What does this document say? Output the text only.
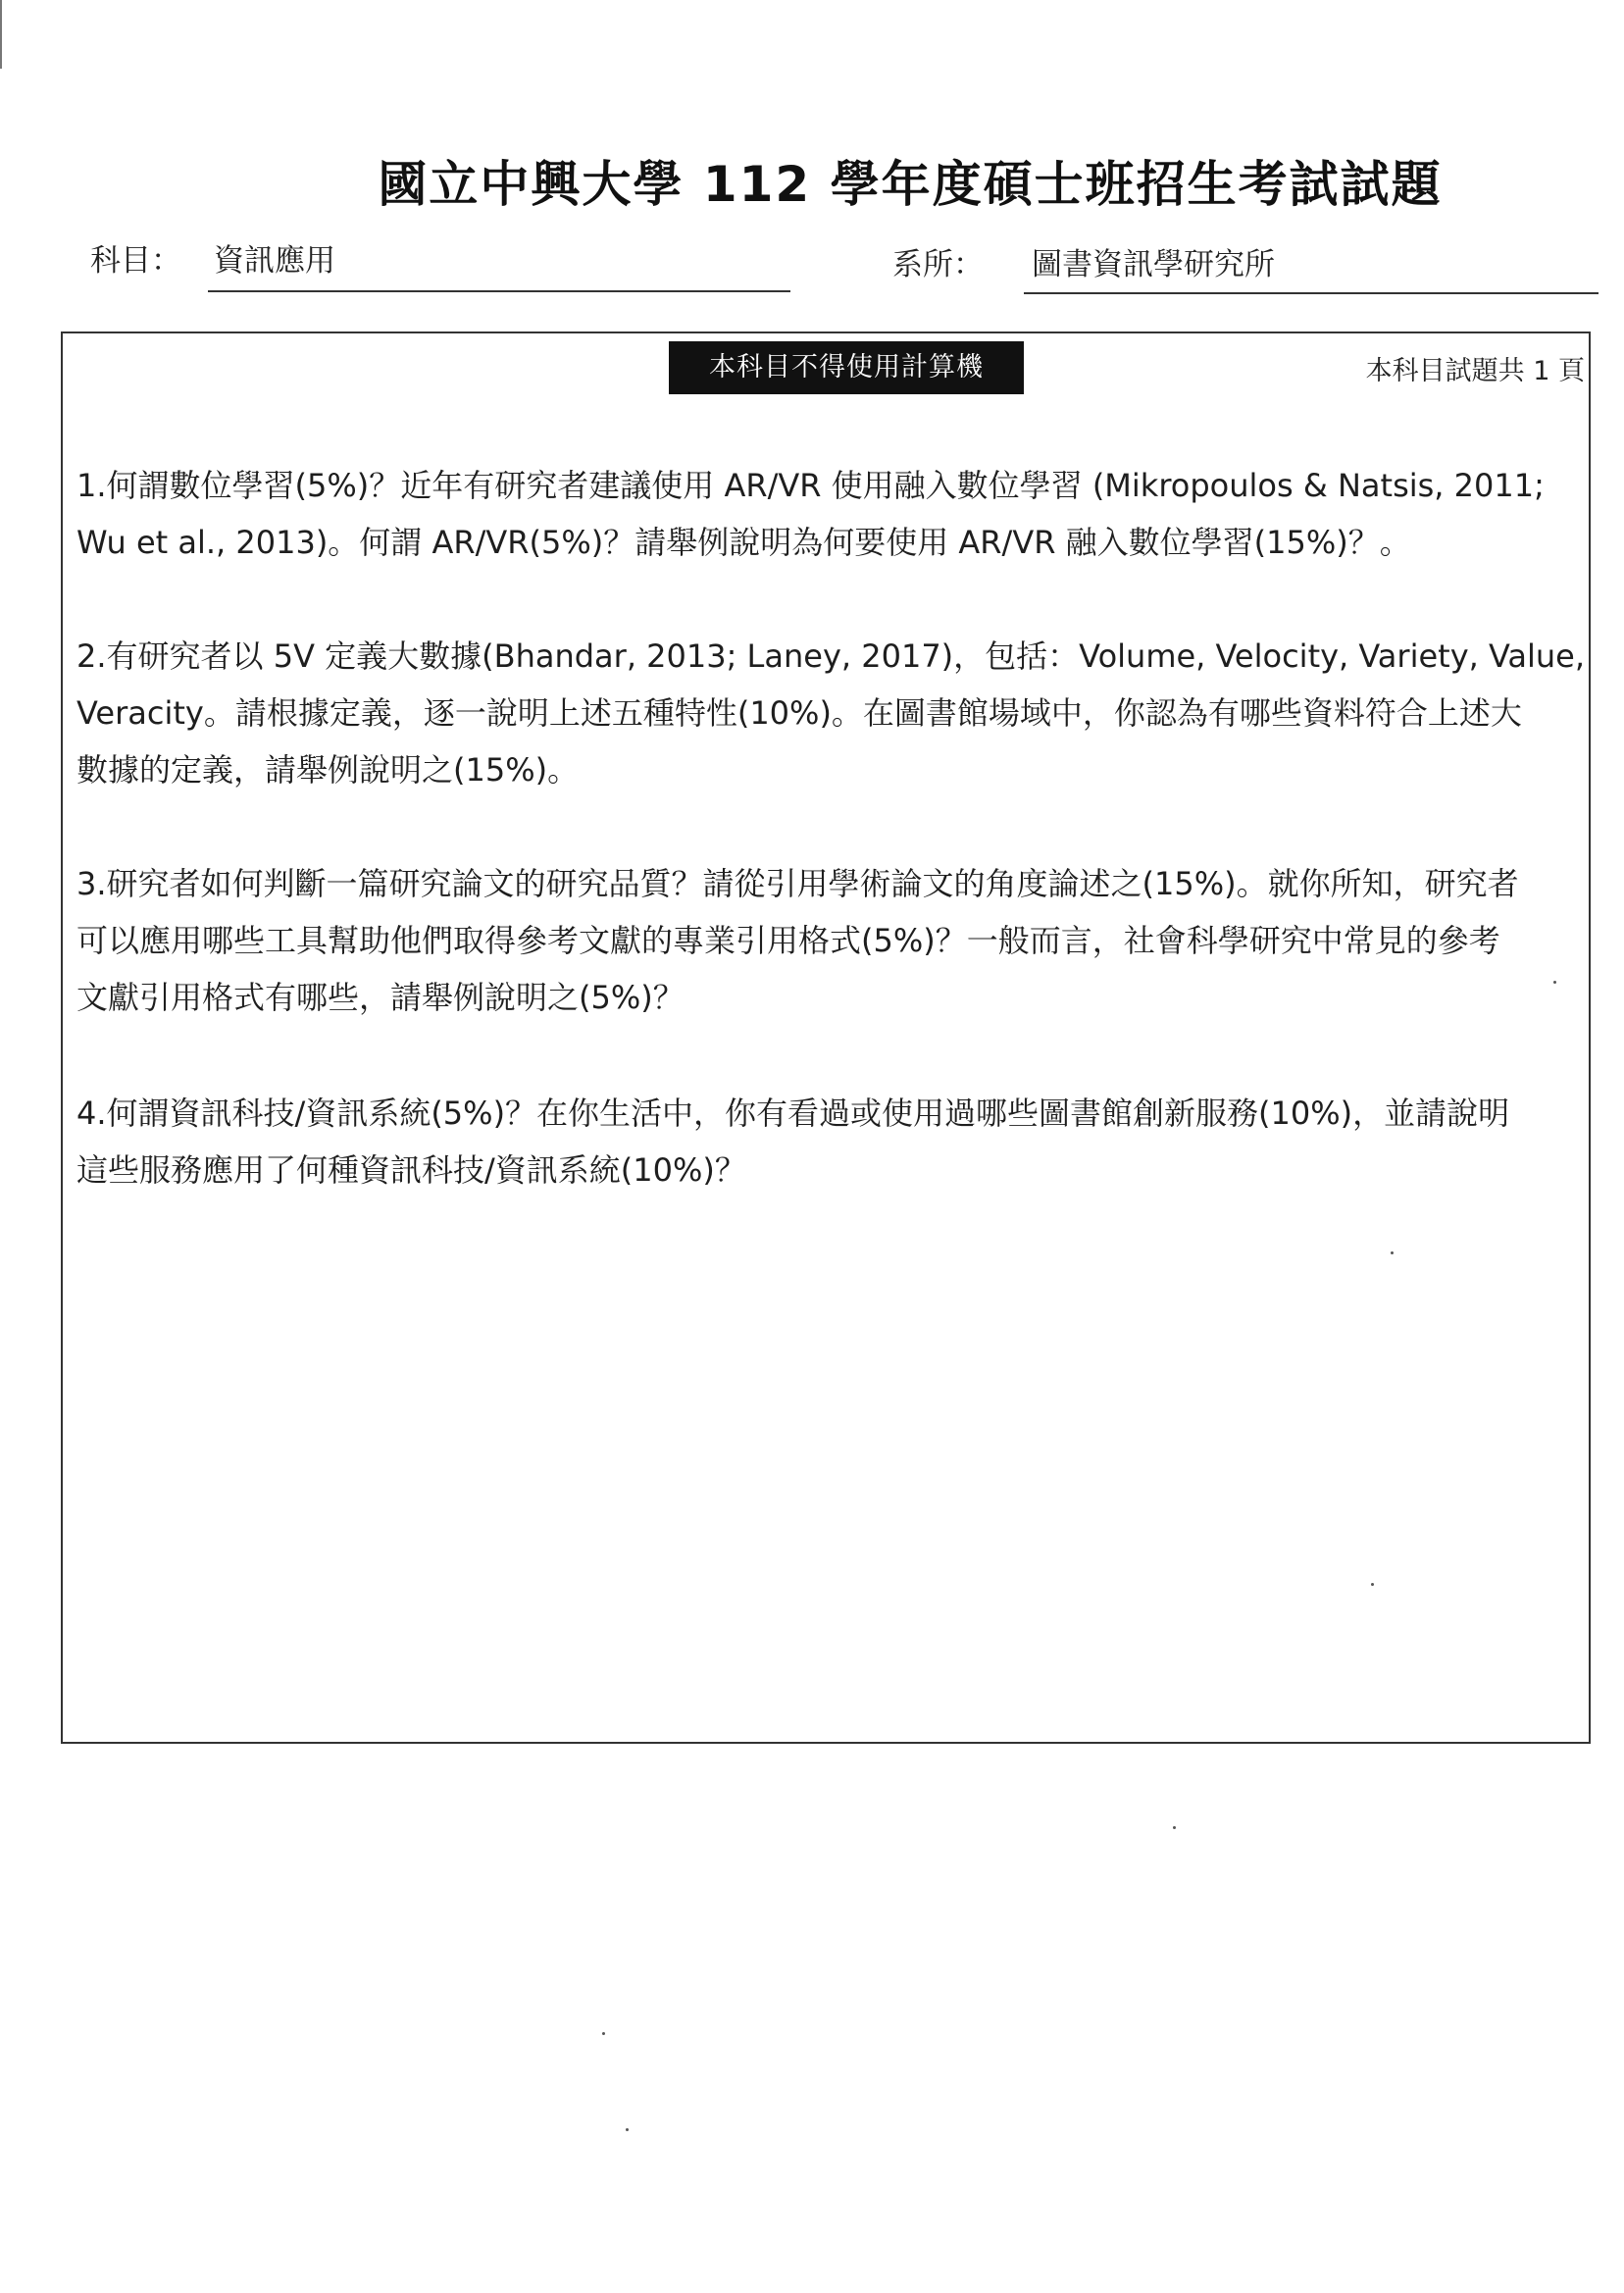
國立中興大學 112 學年度碩士班招生考試試題
科目： 資訊應用	系所： 圖書資訊學研究所
本科目不得使用計算機	本科目試題共 1 頁
1.何謂數位學習(5%)？近年有研究者建議使用 AR/VR 使用融入數位學習 (Mikropoulos & Natsis, 2011;
Wu et al., 2013)。何謂 AR/VR(5%)？請舉例說明為何要使用 AR/VR 融入數位學習(15%)？。
2.有研究者以 5V 定義大數據(Bhandar, 2013; Laney, 2017)，包括：Volume, Velocity, Variety, Value,
Veracity。請根據定義，逐一說明上述五種特性(10%)。在圖書館場域中，你認為有哪些資料符合上述大
數據的定義，請舉例說明之(15%)。
3.研究者如何判斷一篇研究論文的研究品質？請從引用學術論文的角度論述之(15%)。就你所知，研究者
可以應用哪些工具幫助他們取得參考文獻的專業引用格式(5%)？一般而言，社會科學研究中常見的參考
文獻引用格式有哪些，請舉例說明之(5%)？
4.何謂資訊科技/資訊系統(5%)？在你生活中，你有看過或使用過哪些圖書館創新服務(10%)，並請說明
這些服務應用了何種資訊科技/資訊系統(10%)？
